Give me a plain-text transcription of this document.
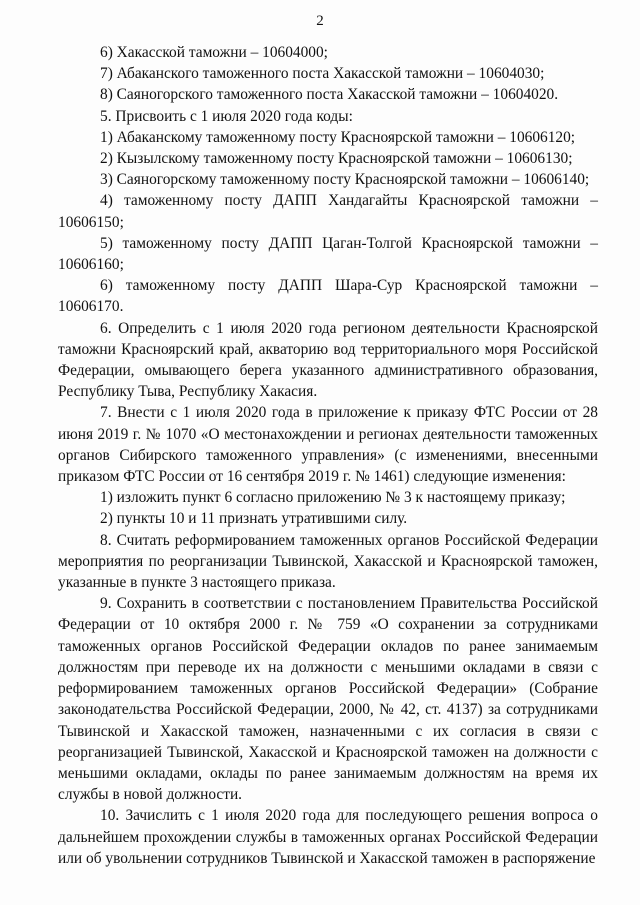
2

6) Хакасской таможни – 10604000;

7) Абаканского таможенного поста Хакасской таможни – 10604030;

8) Саяногорского таможенного поста Хакасской таможни – 10604020.

5. Присвоить с 1 июля 2020 года коды:

1) Абаканскому таможенному посту Красноярской таможни – 10606120;

2) Кызылскому таможенному посту Красноярской таможни – 10606130;

3) Саяногорскому таможенному посту Красноярской таможни – 10606140;

4) таможенному посту ДАПП Хандагайты Красноярской таможни – 10606150;

5) таможенному посту ДАПП Цаган-Толгой Красноярской таможни – 10606160;

6) таможенному посту ДАПП Шара-Сур Красноярской таможни – 10606170.

6. Определить с 1 июля 2020 года регионом деятельности Красноярской таможни Красноярский край, акваторию вод территориального моря Российской Федерации, омывающего берега указанного административного образования, Республику Тыва, Республику Хакасия.

7. Внести с 1 июля 2020 года в приложение к приказу ФТС России от 28 июня 2019 г. № 1070 «О местонахождении и регионах деятельности таможенных органов Сибирского таможенного управления» (с изменениями, внесенными приказом ФТС России от 16 сентября 2019 г. № 1461) следующие изменения:

1) изложить пункт 6 согласно приложению № 3 к настоящему приказу;

2) пункты 10 и 11 признать утратившими силу.

8. Считать реформированием таможенных органов Российской Федерации мероприятия по реорганизации Тывинской, Хакасской и Красноярской таможен, указанные в пункте 3 настоящего приказа.

9. Сохранить в соответствии с постановлением Правительства Российской Федерации от 10 октября 2000 г. № 759 «О сохранении за сотрудниками таможенных органов Российской Федерации окладов по ранее занимаемым должностям при переводе их на должности с меньшими окладами в связи с реформированием таможенных органов Российской Федерации» (Собрание законодательства Российской Федерации, 2000, № 42, ст. 4137) за сотрудниками Тывинской и Хакасской таможен, назначенными с их согласия в связи с реорганизацией Тывинской, Хакасской и Красноярской таможен на должности с меньшими окладами, оклады по ранее занимаемым должностям на время их службы в новой должности.

10. Зачислить с 1 июля 2020 года для последующего решения вопроса о дальнейшем прохождении службы в таможенных органах Российской Федерации или об увольнении сотрудников Тывинской и Хакасской таможен в распоряжение
